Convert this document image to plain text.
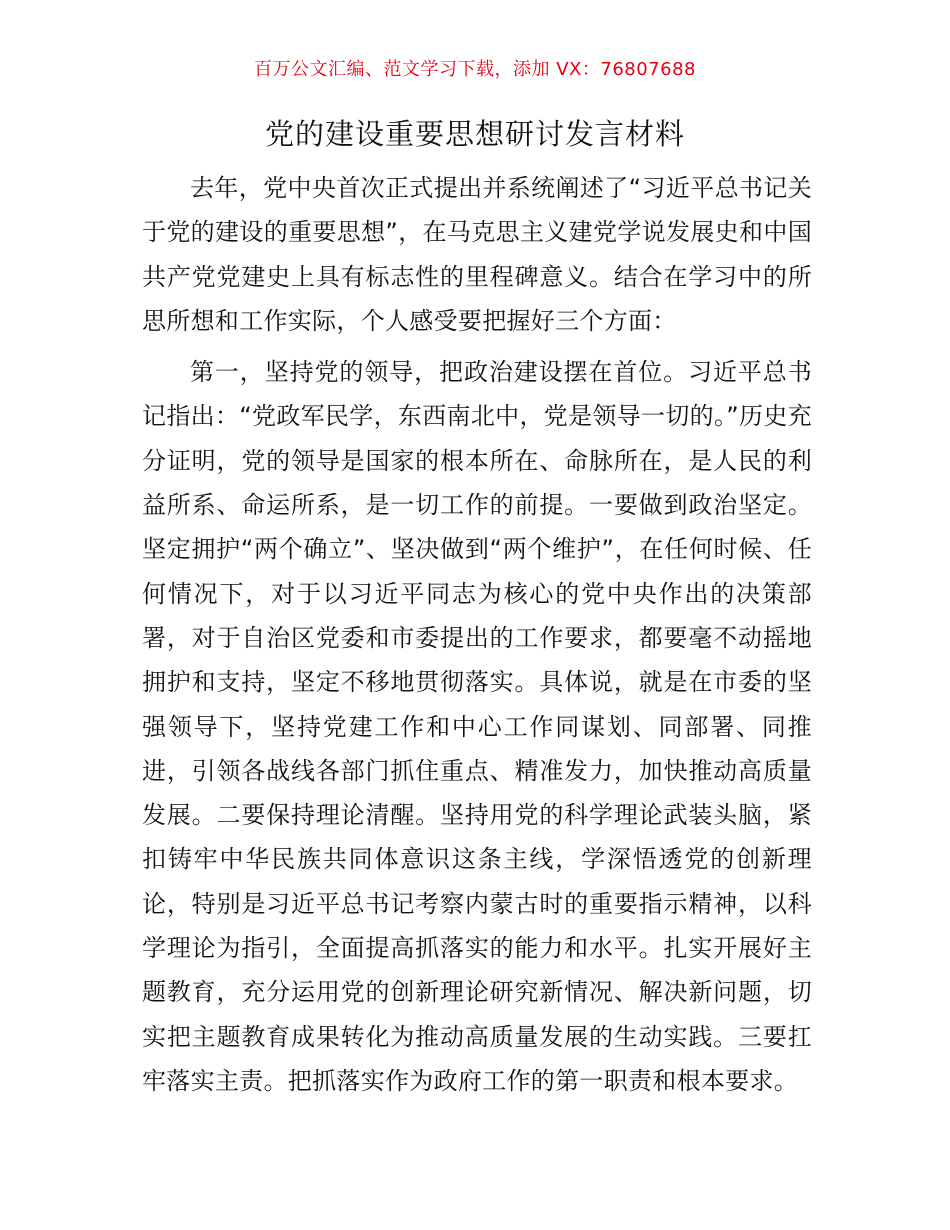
百万公文汇编、范文学习下载，添加 VX：76807688
党的建设重要思想研讨发言材料

去年，党中央首次正式提出并系统阐述了“习近平总书记关于党的建设的重要思想”，在马克思主义建党学说发展史和中国共产党党建史上具有标志性的里程碑意义。结合在学习中的所思所想和工作实际，个人感受要把握好三个方面：

第一，坚持党的领导，把政治建设摆在首位。习近平总书记指出：“党政军民学，东西南北中，党是领导一切的。”历史充分证明，党的领导是国家的根本所在、命脉所在，是人民的利益所系、命运所系，是一切工作的前提。一要做到政治坚定。坚定拥护“两个确立”、坚决做到“两个维护”，在任何时候、任何情况下，对于以习近平同志为核心的党中央作出的决策部署，对于自治区党委和市委提出的工作要求，都要毫不动摇地拥护和支持，坚定不移地贯彻落实。具体说，就是在市委的坚强领导下，坚持党建工作和中心工作同谋划、同部署、同推进，引领各战线各部门抓住重点、精准发力，加快推动高质量发展。二要保持理论清醒。坚持用党的科学理论武装头脑，紧扣铸牢中华民族共同体意识这条主线，学深悟透党的创新理论，特别是习近平总书记考察内蒙古时的重要指示精神，以科学理论为指引，全面提高抓落实的能力和水平。扎实开展好主题教育，充分运用党的创新理论研究新情况、解决新问题，切实把主题教育成果转化为推动高质量发展的生动实践。三要扛牢落实主责。把抓落实作为政府工作的第一职责和根本要求。
